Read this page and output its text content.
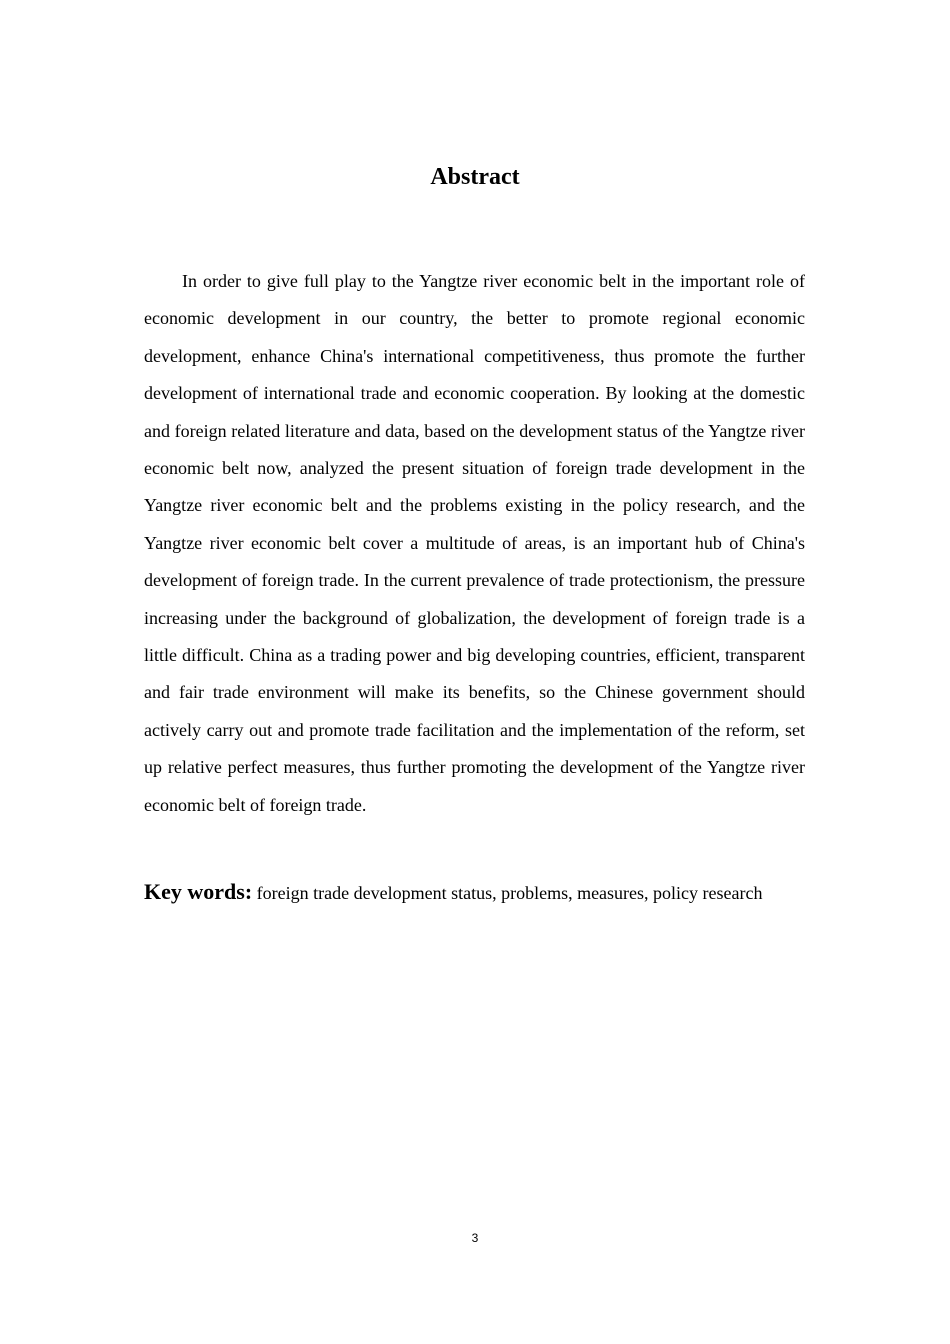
Abstract

In order to give full play to the Yangtze river economic belt in the important role of economic development in our country, the better to promote regional economic development, enhance China's international competitiveness, thus promote the further development of international trade and economic cooperation. By looking at the domestic and foreign related literature and data, based on the development status of the Yangtze river economic belt now, analyzed the present situation of foreign trade development in the Yangtze river economic belt and the problems existing in the policy research, and the Yangtze river economic belt cover a multitude of areas, is an important hub of China's development of foreign trade. In the current prevalence of trade protectionism, the pressure increasing under the background of globalization, the development of foreign trade is a little difficult. China as a trading power and big developing countries, efficient, transparent and fair trade environment will make its benefits, so the Chinese government should actively carry out and promote trade facilitation and the implementation of the reform, set up relative perfect measures, thus further promoting the development of the Yangtze river economic belt of foreign trade.

Key words: foreign trade development status, problems, measures, policy research

3
